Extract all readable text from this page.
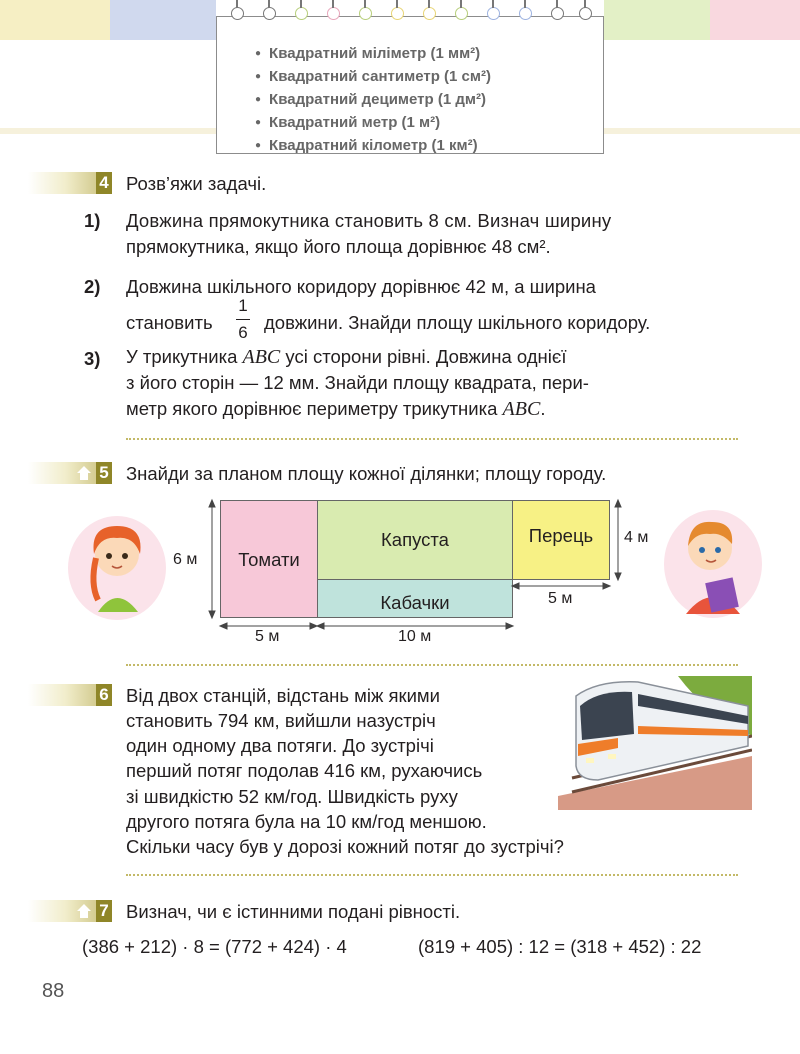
● Квадратний міліметр (1 мм²)
● Квадратний сантиметр (1 см²)
● Квадратний дециметр (1 дм²)
● Квадратний метр (1 м²)
● Квадратний кілометр (1 км²)
4 Розв’яжи задачі.
1) Довжина прямокутника становить 8 см. Визнач ширину
прямокутника, якщо його площа дорівнює 48 см².
2) Довжина шкільного коридору дорівнює 42 м, а ширина
становить
1
6 довжини. Знайди площу шкільного коридору.
3) У трикутника ABC усі сторони рівні. Довжина однієї
з його сторін — 12 мм. Знайди площу квадрата, пери-
метр якого дорівнює периметру трикутника ABC.
5 Знайди за планом площу кожної ділянки; площу городу.
Томати
Капуста	Перець
Кабачки
6 м
4 м
5 м
5 м	10 м
6 Від двох станцій, відстань між якими
становить 794 км, вийшли назустріч
один одному два потяги. До зустрічі
перший потяг подолав 416 км, рухаючись
зі швидкістю 52 км/год. Швидкість руху
другого потяга була на 10 км/год меншою.
Скільки часу був у дорозі кожний потяг до зустрічі?
7 Визнач, чи є істинними подані рівності.
(386 + 212) · 8 = (772 + 424) · 4	(819 + 405) : 12 = (318 + 452) : 22
88
